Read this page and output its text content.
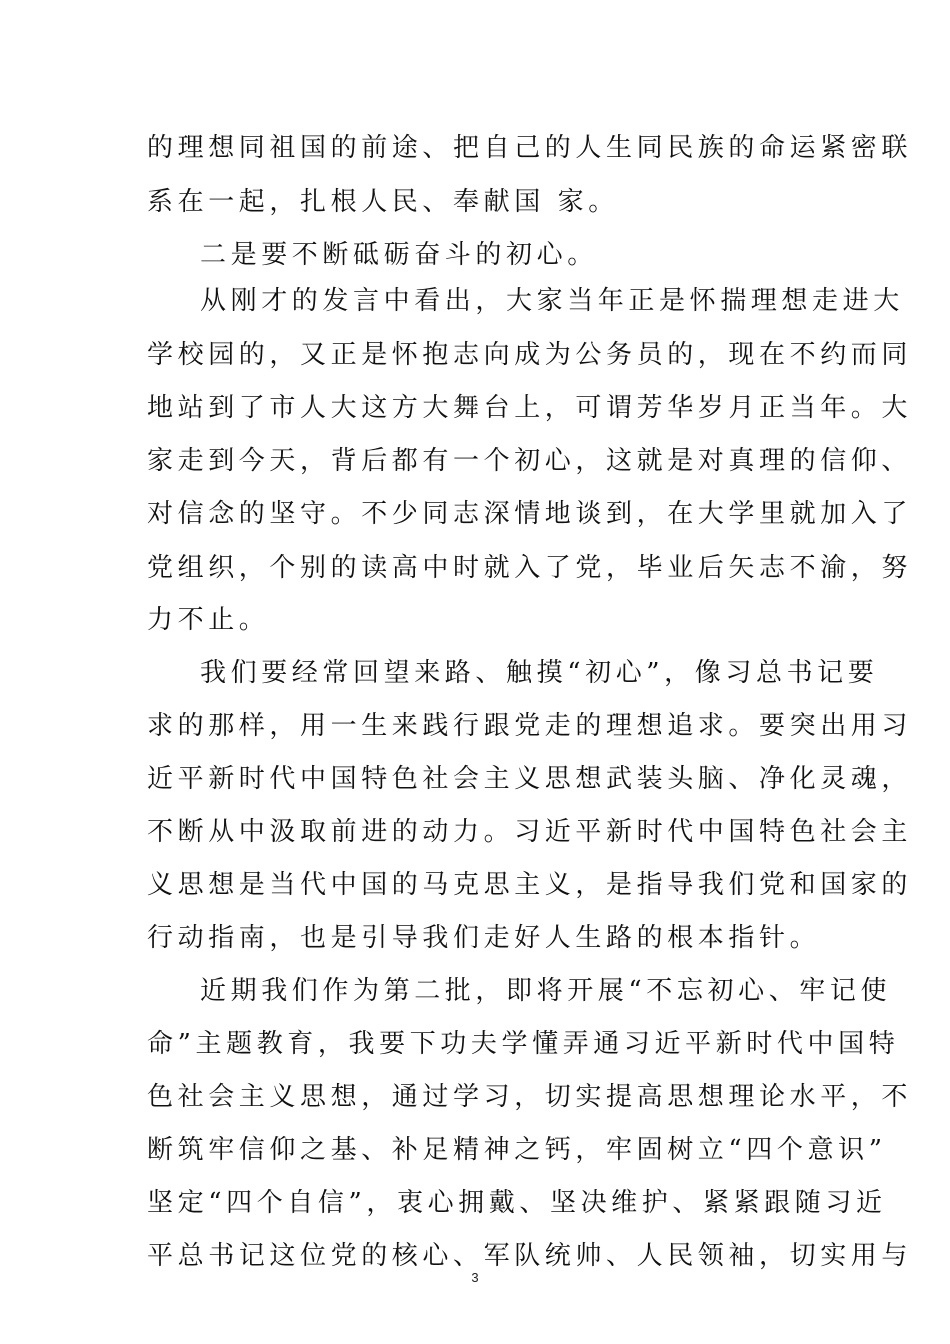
的理想同祖国的前途、把自己的人生同民族的命运紧密联
系在一起，扎根人民、奉献国 家。
二是要不断砥砺奋斗的初心。
从刚才的发言中看出，大家当年正是怀揣理想走进大
学校园的，又正是怀抱志向成为公务员的，现在不约而同
地站到了市人大这方大舞台上，可谓芳华岁月正当年。大
家走到今天，背后都有一个初心，这就是对真理的信仰、
对信念的坚守。不少同志深情地谈到，在大学里就加入了
党组织，个别的读高中时就入了党，毕业后矢志不渝，努
力不止。
我们要经常回望来路、触摸“初心”，像习总书记要
求的那样，用一生来践行跟党走的理想追求。要突出用习
近平新时代中国特色社会主义思想武装头脑、净化灵魂，
不断从中汲取前进的动力。习近平新时代中国特色社会主
义思想是当代中国的马克思主义，是指导我们党和国家的
行动指南，也是引导我们走好人生路的根本指针。
近期我们作为第二批，即将开展“不忘初心、牢记使
命”主题教育，我要下功夫学懂弄通习近平新时代中国特
色社会主义思想，通过学习，切实提高思想理论水平，不
断筑牢信仰之基、补足精神之钙，牢固树立“四个意识”
坚定“四个自信”，衷心拥戴、坚决维护、紧紧跟随习近
平总书记这位党的核心、军队统帅、人民领袖，切实用与
3
